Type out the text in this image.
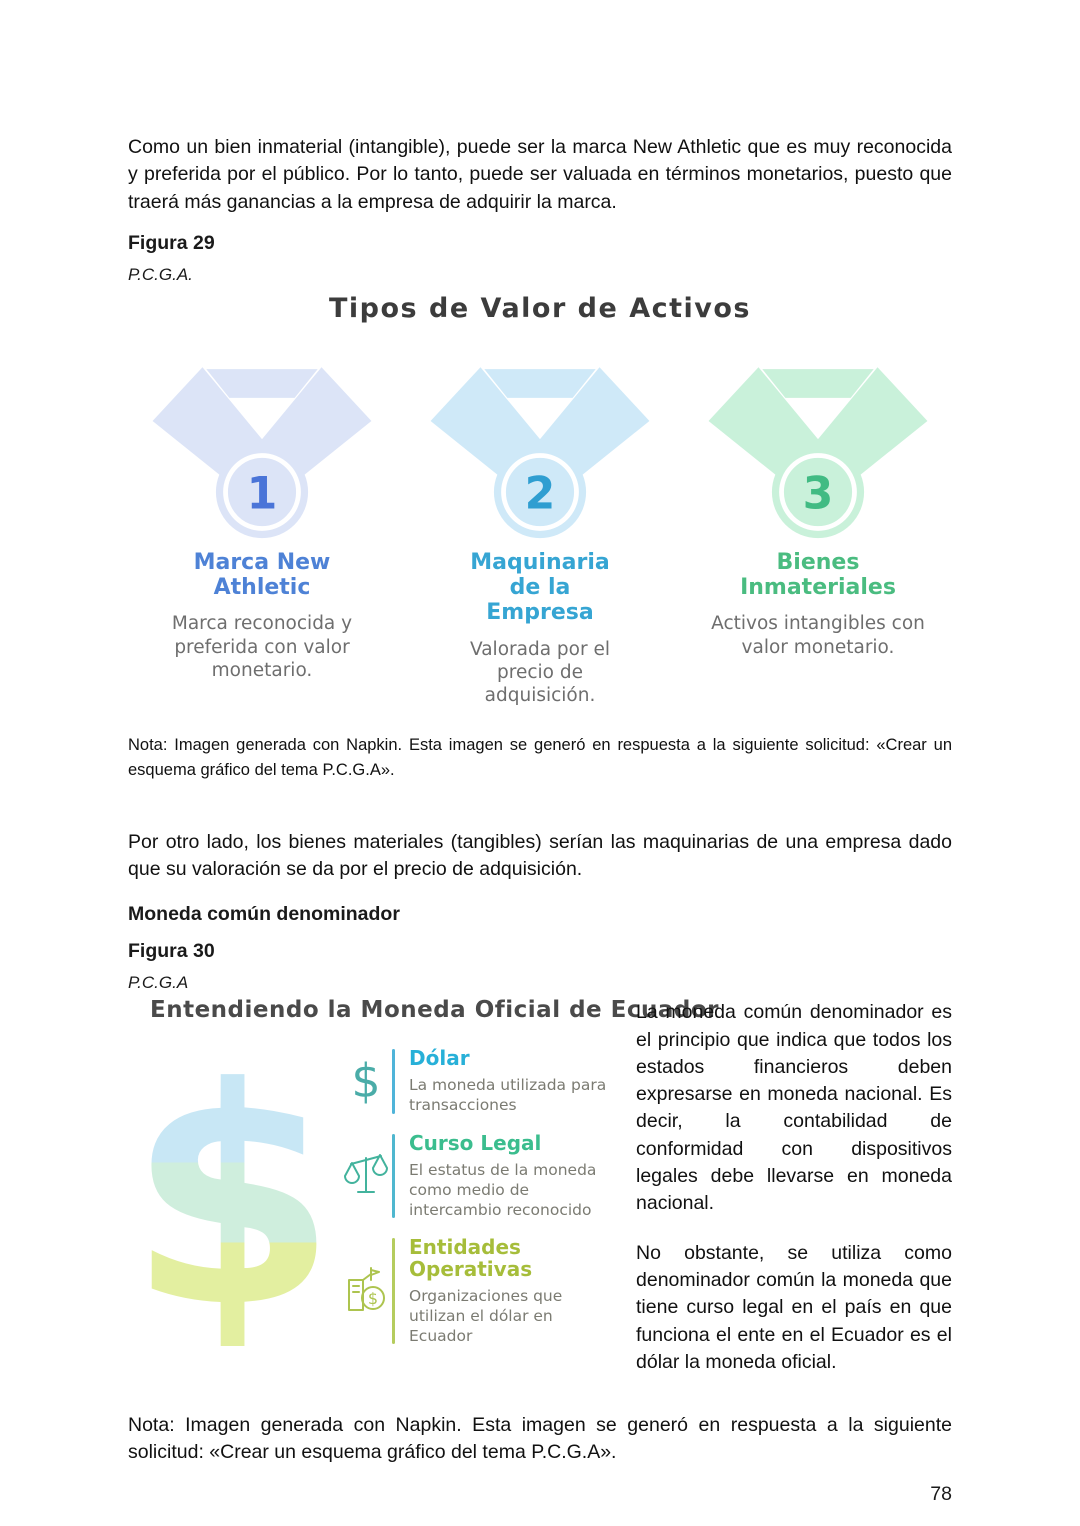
Como un bien inmaterial (intangible), puede ser la marca New Athletic que es muy reconocida y preferida por el público. Por lo tanto, puede ser valuada en términos monetarios, puesto que traerá más ganancias a la empresa de adquirir la marca.

Figura 29
P.C.G.A.
Tipos de Valor de Activos
1
Marca New Athletic
Marca reconocida y preferida con valor monetario.
2
Maquinaria de la Empresa
Valorada por el precio de adquisición.
3
Bienes Inmateriales
Activos intangibles con valor monetario.

Nota: Imagen generada con Napkin. Esta imagen se generó en respuesta a la siguiente solicitud: «Crear un esquema gráfico del tema P.C.G.A».

Por otro lado, los bienes materiales (tangibles) serían las maquinarias de una empresa dado que su valoración se da por el precio de adquisición.

Moneda común denominador
Figura 30
P.C.G.A
Entendiendo la Moneda Oficial de Ecuador
$ $ Dólar
La moneda utilizada para transacciones
Curso Legal
El estatus de la moneda como medio de intercambio reconocido
$
Entidades Operativas
Organizaciones que utilizan el dólar en Ecuador

La moneda común denominador es el principio que indica que todos los estados financieros deben expresarse en moneda nacional. Es decir, la contabilidad de conformidad con dispositivos legales debe llevarse en moneda nacional.

No obstante, se utiliza como denominador común la moneda que tiene curso legal en el país en que funciona el ente en el Ecuador es el dólar la moneda oficial.

Nota: Imagen generada con Napkin. Esta imagen se generó en respuesta a la siguiente solicitud: «Crear un esquema gráfico del tema P.C.G.A».

78
